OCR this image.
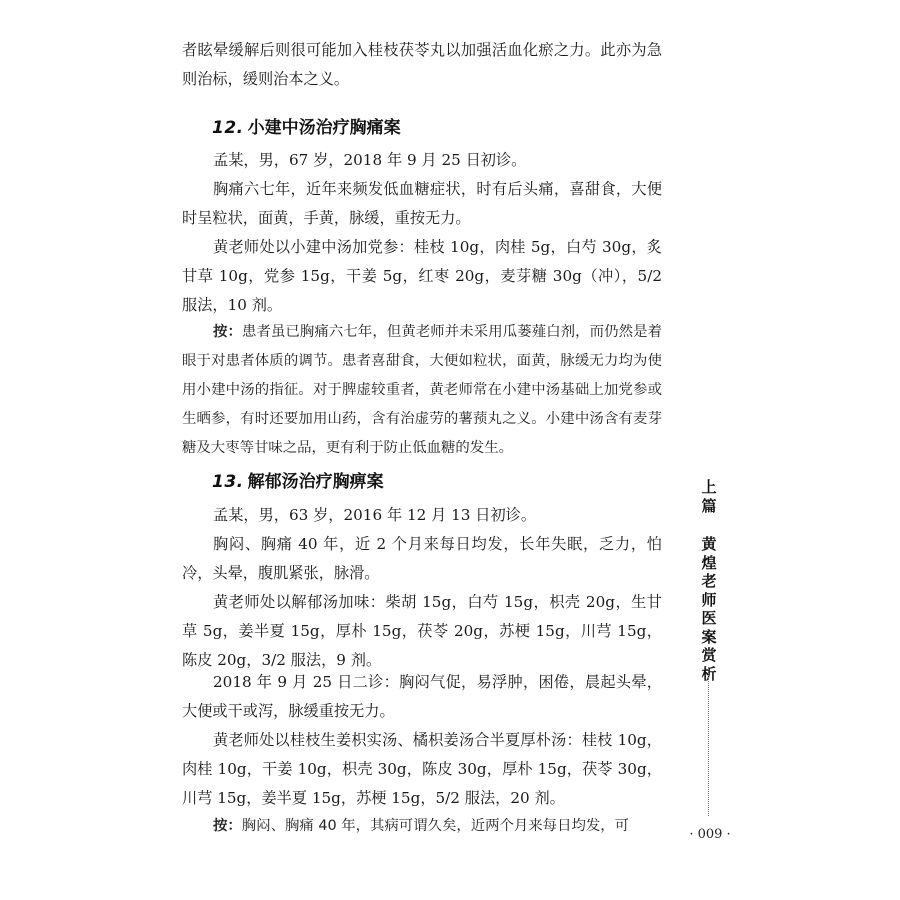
者眩晕缓解后则很可能加入桂枝茯苓丸以加强活血化瘀之力。此亦为急则治标，缓则治本之义。

12. 小建中汤治疗胸痛案

孟某，男，67 岁，2018 年 9 月 25 日初诊。

胸痛六七年，近年来频发低血糖症状，时有后头痛，喜甜食，大便时呈粒状，面黄，手黄，脉缓，重按无力。

黄老师处以小建中汤加党参：桂枝 10g，肉桂 5g，白芍 30g，炙甘草 10g，党参 15g，干姜 5g，红枣 20g，麦芽糖 30g（冲），5/2 服法，10 剂。

按：患者虽已胸痛六七年，但黄老师并未采用瓜蒌薤白剂，而仍然是着眼于对患者体质的调节。患者喜甜食，大便如粒状，面黄，脉缓无力均为使用小建中汤的指征。对于脾虚较重者，黄老师常在小建中汤基础上加党参或生晒参，有时还要加用山药，含有治虚劳的薯蓣丸之义。小建中汤含有麦芽糖及大枣等甘味之品，更有利于防止低血糖的发生。

13. 解郁汤治疗胸痹案

孟某，男，63 岁，2016 年 12 月 13 日初诊。

胸闷、胸痛 40 年，近 2 个月来每日均发，长年失眠，乏力，怕冷，头晕，腹肌紧张，脉滑。

黄老师处以解郁汤加味：柴胡 15g，白芍 15g，枳壳 20g，生甘草 5g，姜半夏 15g，厚朴 15g，茯苓 20g，苏梗 15g，川芎 15g，陈皮 20g，3/2 服法，9 剂。

2018 年 9 月 25 日二诊：胸闷气促，易浮肿，困倦，晨起头晕，大便或干或泻，脉缓重按无力。

黄老师处以桂枝生姜枳实汤、橘枳姜汤合半夏厚朴汤：桂枝 10g，肉桂 10g，干姜 10g，枳壳 30g，陈皮 30g，厚朴 15g，茯苓 30g，川芎 15g，姜半夏 15g，苏梗 15g，5/2 服法，20 剂。

按：胸闷、胸痛 40 年，其病可谓久矣，近两个月来每日均发，可

上
篇
黄
煌
老
师
医
案
赏
析
· 009 ·
